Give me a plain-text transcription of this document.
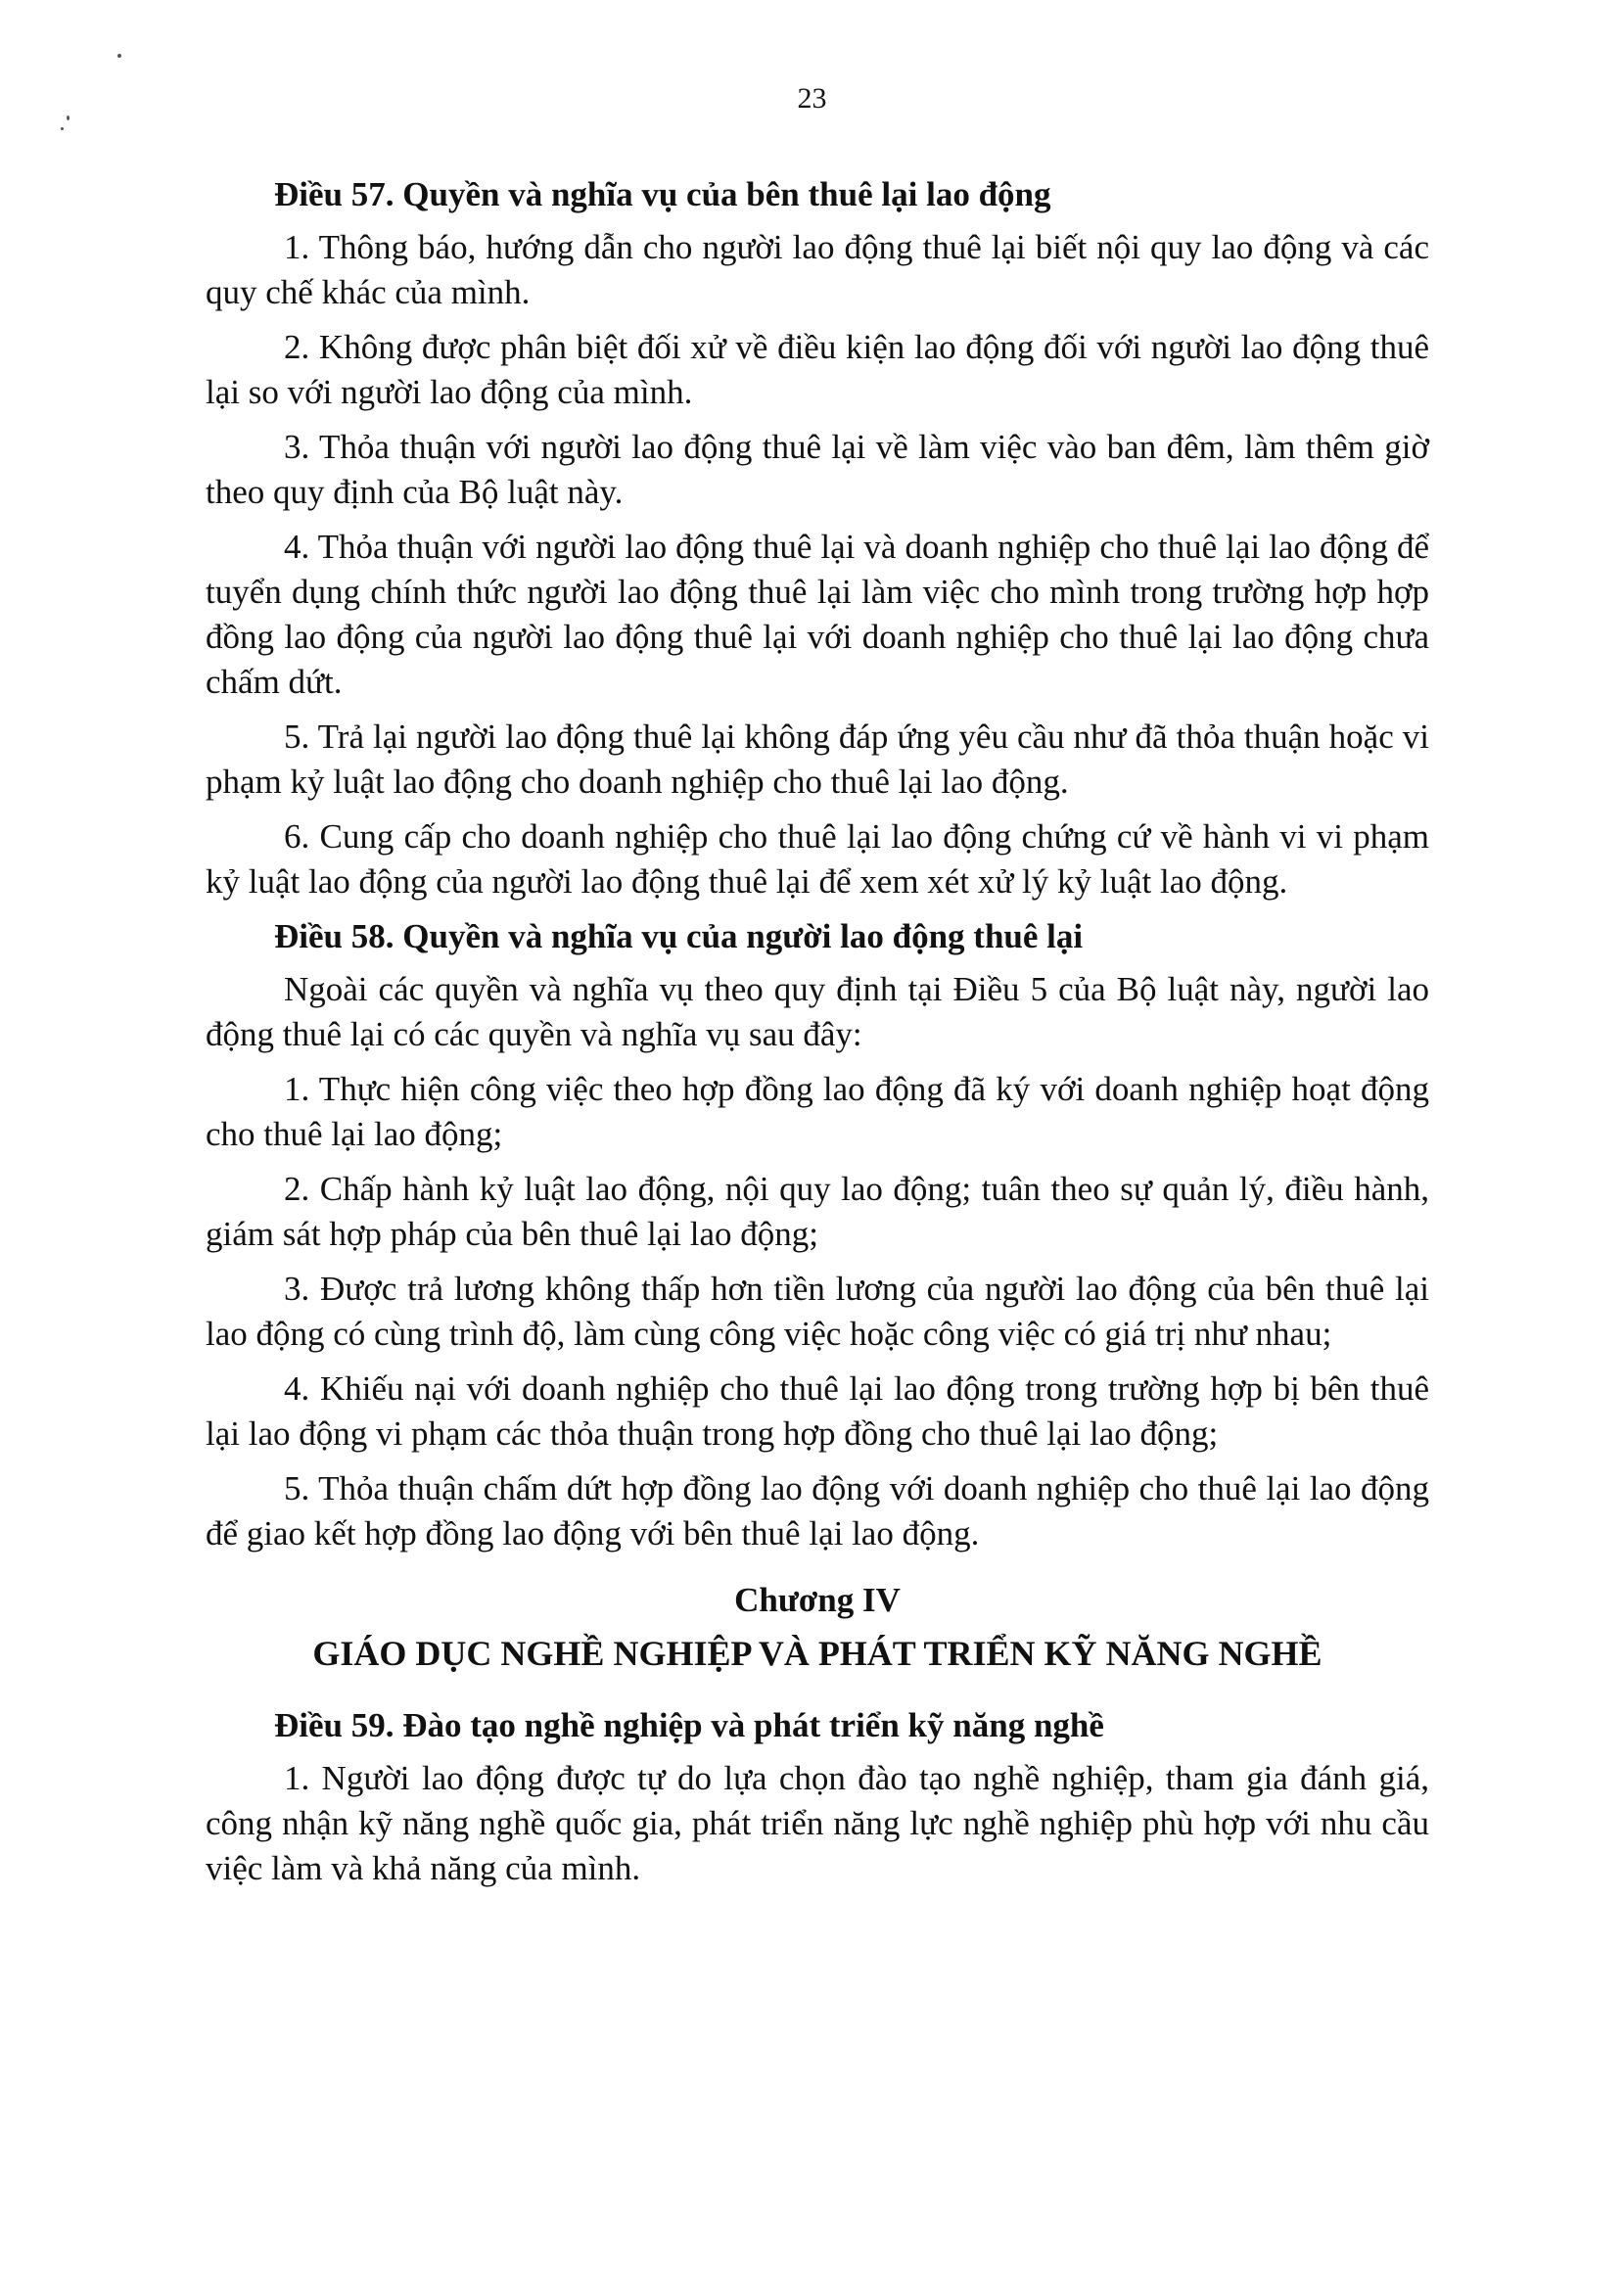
23
Điều 57. Quyền và nghĩa vụ của bên thuê lại lao động

1. Thông báo, hướng dẫn cho người lao động thuê lại biết nội quy lao động và các quy chế khác của mình.

2. Không được phân biệt đối xử về điều kiện lao động đối với người lao động thuê lại so với người lao động của mình.

3. Thỏa thuận với người lao động thuê lại về làm việc vào ban đêm, làm thêm giờ theo quy định của Bộ luật này.

4. Thỏa thuận với người lao động thuê lại và doanh nghiệp cho thuê lại lao động để tuyển dụng chính thức người lao động thuê lại làm việc cho mình trong trường hợp hợp đồng lao động của người lao động thuê lại với doanh nghiệp cho thuê lại lao động chưa chấm dứt.

5. Trả lại người lao động thuê lại không đáp ứng yêu cầu như đã thỏa thuận hoặc vi phạm kỷ luật lao động cho doanh nghiệp cho thuê lại lao động.

6. Cung cấp cho doanh nghiệp cho thuê lại lao động chứng cứ về hành vi vi phạm kỷ luật lao động của người lao động thuê lại để xem xét xử lý kỷ luật lao động.

Điều 58. Quyền và nghĩa vụ của người lao động thuê lại

Ngoài các quyền và nghĩa vụ theo quy định tại Điều 5 của Bộ luật này, người lao động thuê lại có các quyền và nghĩa vụ sau đây:

1. Thực hiện công việc theo hợp đồng lao động đã ký với doanh nghiệp hoạt động cho thuê lại lao động;

2. Chấp hành kỷ luật lao động, nội quy lao động; tuân theo sự quản lý, điều hành, giám sát hợp pháp của bên thuê lại lao động;

3. Được trả lương không thấp hơn tiền lương của người lao động của bên thuê lại lao động có cùng trình độ, làm cùng công việc hoặc công việc có giá trị như nhau;

4. Khiếu nại với doanh nghiệp cho thuê lại lao động trong trường hợp bị bên thuê lại lao động vi phạm các thỏa thuận trong hợp đồng cho thuê lại lao động;

5. Thỏa thuận chấm dứt hợp đồng lao động với doanh nghiệp cho thuê lại lao động để giao kết hợp đồng lao động với bên thuê lại lao động.

Chương IV
GIÁO DỤC NGHỀ NGHIỆP VÀ PHÁT TRIỂN KỸ NĂNG NGHỀ
Điều 59. Đào tạo nghề nghiệp và phát triển kỹ năng nghề

1. Người lao động được tự do lựa chọn đào tạo nghề nghiệp, tham gia đánh giá, công nhận kỹ năng nghề quốc gia, phát triển năng lực nghề nghiệp phù hợp với nhu cầu việc làm và khả năng của mình.
